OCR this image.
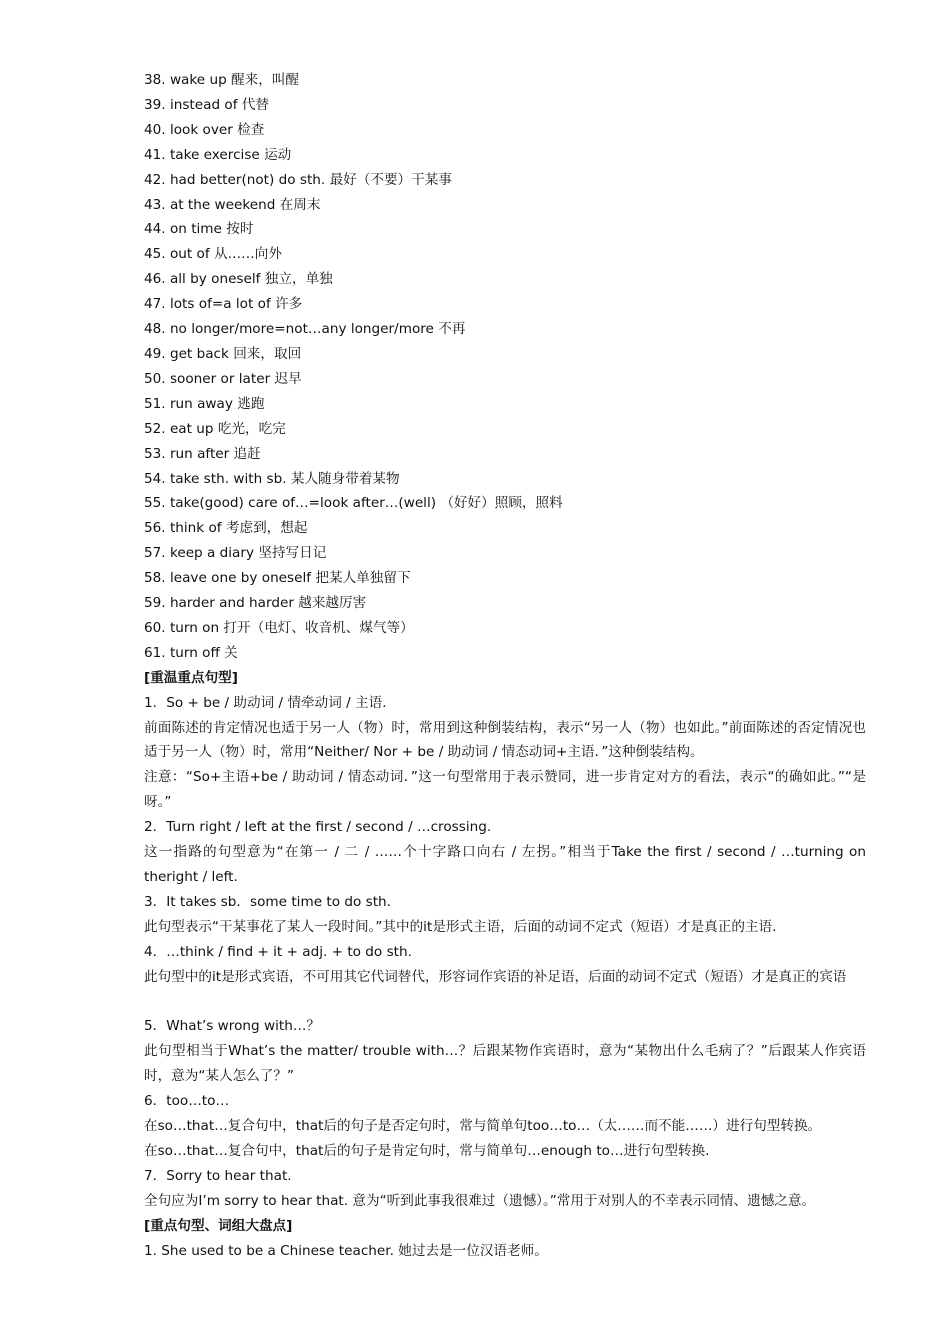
38. wake up 醒来，叫醒

39. instead of 代替

40. look over 检查

41. take exercise 运动

42. had better(not) do sth. 最好（不要）干某事

43. at the weekend 在周末

44. on time 按时

45. out of 从……向外

46. all by oneself 独立，单独

47. lots of=a lot of 许多

48. no longer/more=not…any longer/more 不再

49. get back 回来，取回

50. sooner or later 迟早

51. run away 逃跑

52. eat up 吃光，吃完

53. run after 追赶

54. take sth. with sb. 某人随身带着某物

55. take(good) care of…=look after…(well) （好好）照顾，照料

56. think of 考虑到，想起

57. keep a diary 坚持写日记

58. leave one by oneself 把某人单独留下

59. harder and harder 越来越厉害

60. turn on 打开（电灯、收音机、煤气等）

61. turn off 关

[重温重点句型]

1．So + be / 助动词 / 情牵动词 / 主语．

前面陈述的肯定情况也适于另一人（物）时，常用到这种倒装结构，表示“另一人（物）也如此。”前面陈述的否定情况也适于另一人（物）时，常用“Neither/ Nor + be / 助动词 / 情态动词+主语．”这种倒装结构。

注意：“So+主语+be / 助动词 / 情态动词．”这一句型常用于表示赞同，进一步肯定对方的看法，表示“的确如此。”“是呀。”

2．Turn right / left at the first / second / …crossing.

这一指路的句型意为“在第一 / 二 / ……个十字路口向右 / 左拐。”相当于Take the first / second / …turning on theright / left.

3．It takes sb．some time to do sth．

此句型表示“干某事花了某人一段时间。”其中的it是形式主语，后面的动词不定式（短语）才是真正的主语.

4．…think / find + it + adj. + to do sth.

此句型中的it是形式宾语，不可用其它代词替代，形容词作宾语的补足语，后面的动词不定式（短语）才是真正的宾语

5．What’s wrong with…？

此句型相当于What’s the matter/ trouble with…？后跟某物作宾语时，意为“某物出什么毛病了？”后跟某人作宾语时，意为“某人怎么了？”

6．too…to…

在so…that…复合句中，that后的句子是否定句时，常与简单句too…to…（太……而不能……）进行句型转换。

在so…that…复合句中，that后的句子是肯定句时，常与简单句…enough to…进行句型转换.

7．Sorry to hear that.

全句应为I’m sorry to hear that. 意为“听到此事我很难过（遗憾）。”常用于对别人的不幸表示同情、遗憾之意。

[重点句型、词组大盘点]

1. She used to be a Chinese teacher. 她过去是一位汉语老师。
